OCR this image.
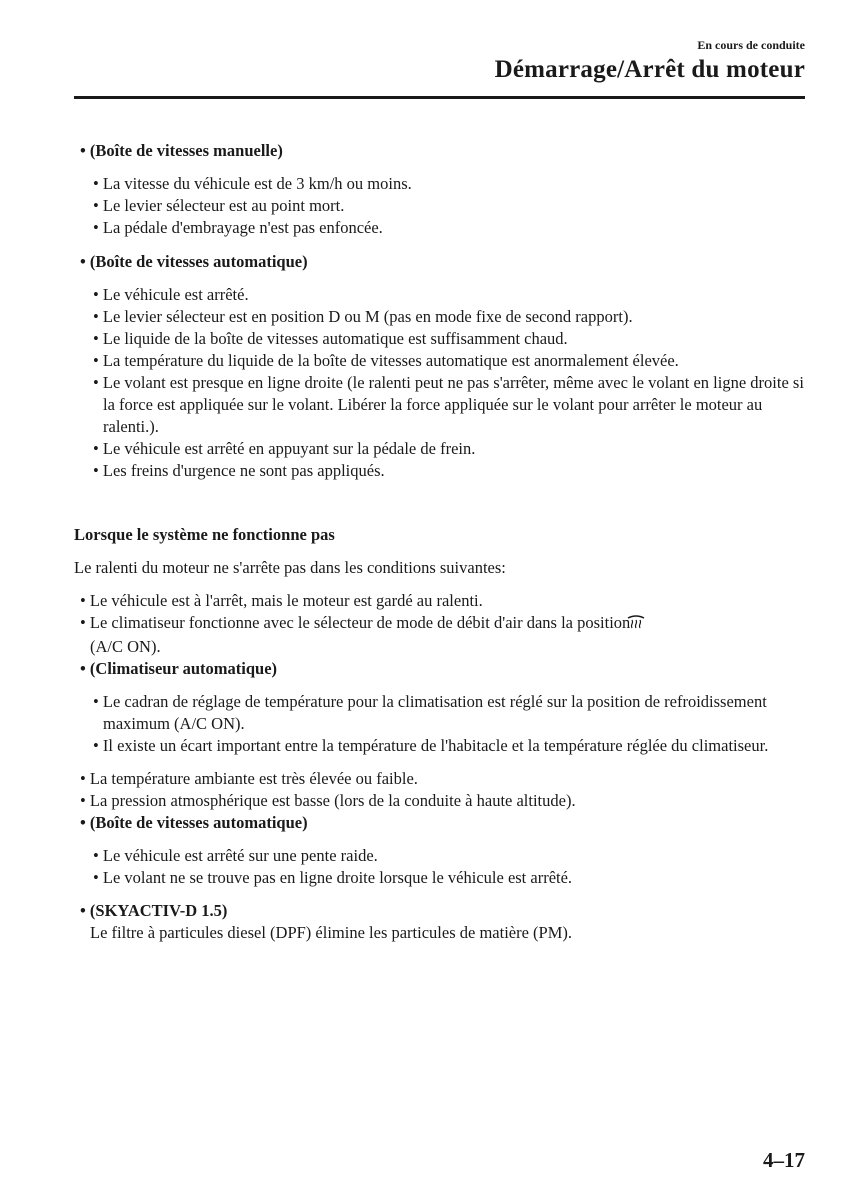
En cours de conduite
Démarrage/Arrêt du moteur
• (Boîte de vitesses manuelle)
• La vitesse du véhicule est de 3 km/h ou moins.
• Le levier sélecteur est au point mort.
• La pédale d'embrayage n'est pas enfoncée.
• (Boîte de vitesses automatique)
• Le véhicule est arrêté.
• Le levier sélecteur est en position D ou M (pas en mode fixe de second rapport).
• Le liquide de la boîte de vitesses automatique est suffisamment chaud.
• La température du liquide de la boîte de vitesses automatique est anormalement élevée.
• Le volant est presque en ligne droite (le ralenti peut ne pas s'arrêter, même avec le volant en ligne droite si la force est appliquée sur le volant. Libérer la force appliquée sur le volant pour arrêter le moteur au ralenti.).
• Le véhicule est arrêté en appuyant sur la pédale de frein.
• Les freins d'urgence ne sont pas appliqués.
Lorsque le système ne fonctionne pas
Le ralenti du moteur ne s'arrête pas dans les conditions suivantes:
• Le véhicule est à l'arrêt, mais le moteur est gardé au ralenti.
• Le climatiseur fonctionne avec le sélecteur de mode de débit d'air dans la position
(A/C ON).
• (Climatiseur automatique)
• Le cadran de réglage de température pour la climatisation est réglé sur la position de refroidissement maximum (A/C ON).
• Il existe un écart important entre la température de l'habitacle et la température réglée du climatiseur.
• La température ambiante est très élevée ou faible.
• La pression atmosphérique est basse (lors de la conduite à haute altitude).
• (Boîte de vitesses automatique)
• Le véhicule est arrêté sur une pente raide.
• Le volant ne se trouve pas en ligne droite lorsque le véhicule est arrêté.
• (SKYACTIV-D 1.5)
Le filtre à particules diesel (DPF) élimine les particules de matière (PM).
4–17
